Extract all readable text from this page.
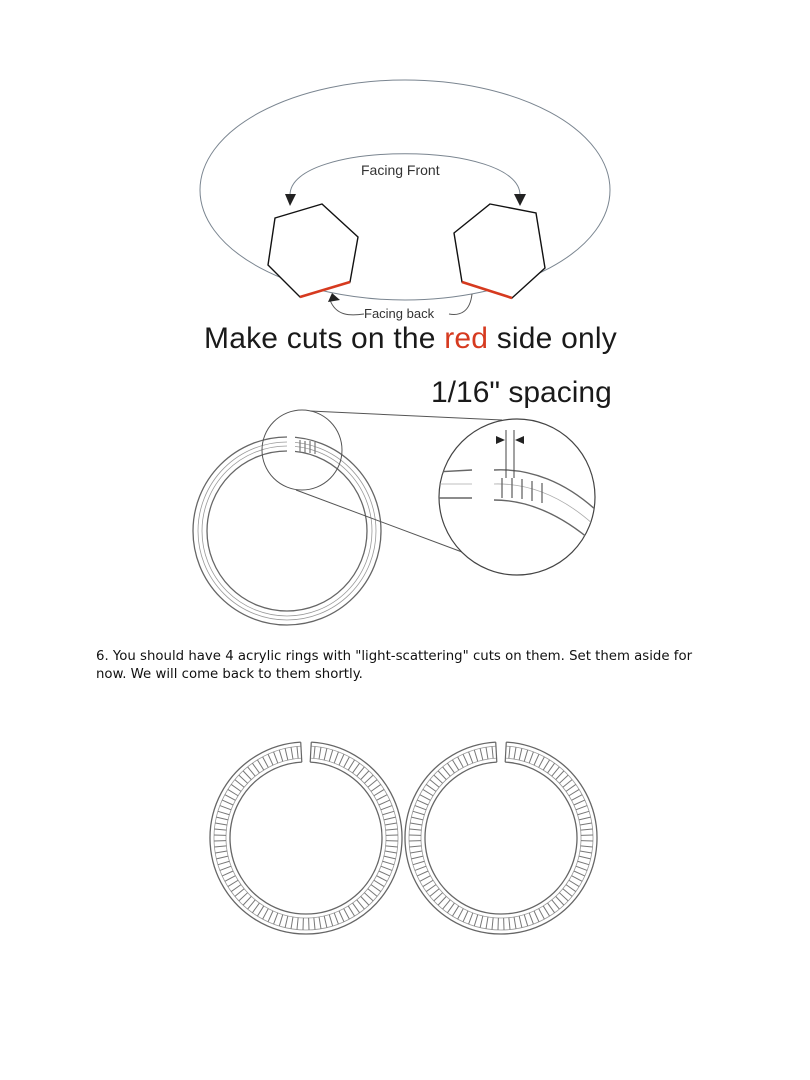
Facing Front
Facing back
Make cuts on the red side only
1/16" spacing
6. You should have 4 acrylic rings with "light-scattering" cuts on them. Set them aside for now. We will come back to them shortly.
